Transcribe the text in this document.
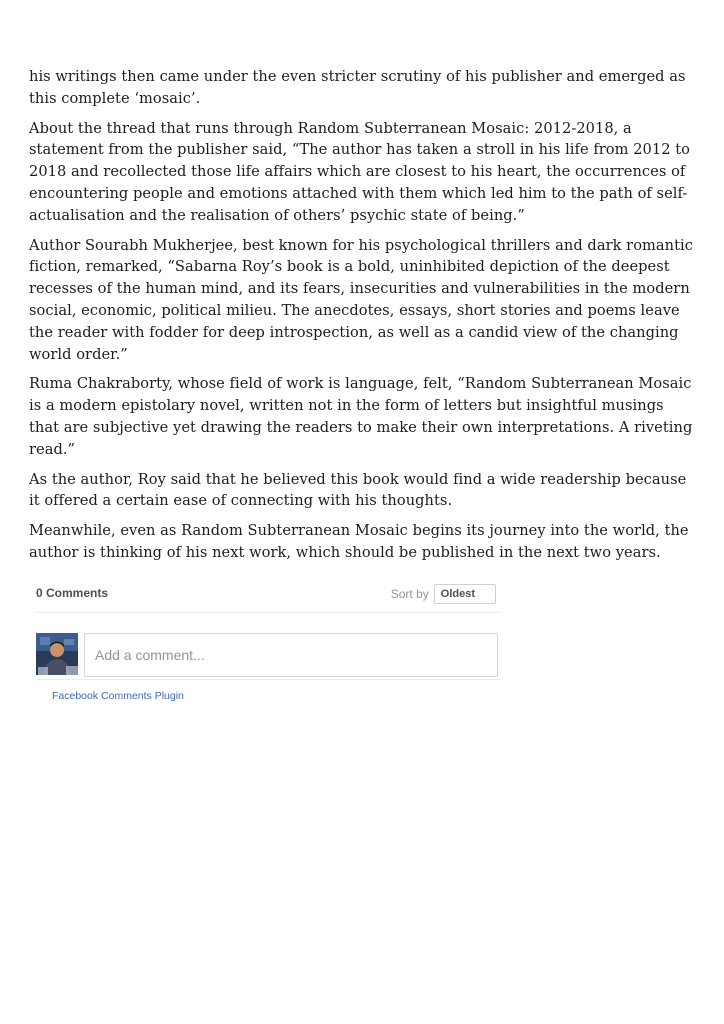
his writings then came under the even stricter scrutiny of his publisher and emerged as this complete ‘mosaic’.

About the thread that runs through Random Subterranean Mosaic: 2012-2018, a statement from the publisher said, “The author has taken a stroll in his life from 2012 to 2018 and recollected those life affairs which are closest to his heart, the occurrences of encountering people and emotions attached with them which led him to the path of self-actualisation and the realisation of others’ psychic state of being.”

Author Sourabh Mukherjee, best known for his psychological thrillers and dark romantic fiction, remarked, “Sabarna Roy’s book is a bold, uninhibited depiction of the deepest recesses of the human mind, and its fears, insecurities and vulnerabilities in the modern social, economic, political milieu. The anecdotes, essays, short stories and poems leave the reader with fodder for deep introspection, as well as a candid view of the changing world order.”

Ruma Chakraborty, whose field of work is language, felt, “Random Subterranean Mosaic is a modern epistolary novel, written not in the form of letters but insightful musings that are subjective yet drawing the readers to make their own interpretations. A riveting read.”

As the author, Roy said that he believed this book would find a wide readership because it offered a certain ease of connecting with his thoughts.

Meanwhile, even as Random Subterranean Mosaic begins its journey into the world, the author is thinking of his next work, which should be published in the next two years.

0 Comments	Sort by	Oldest
Add a comment...
Facebook Comments Plugin
